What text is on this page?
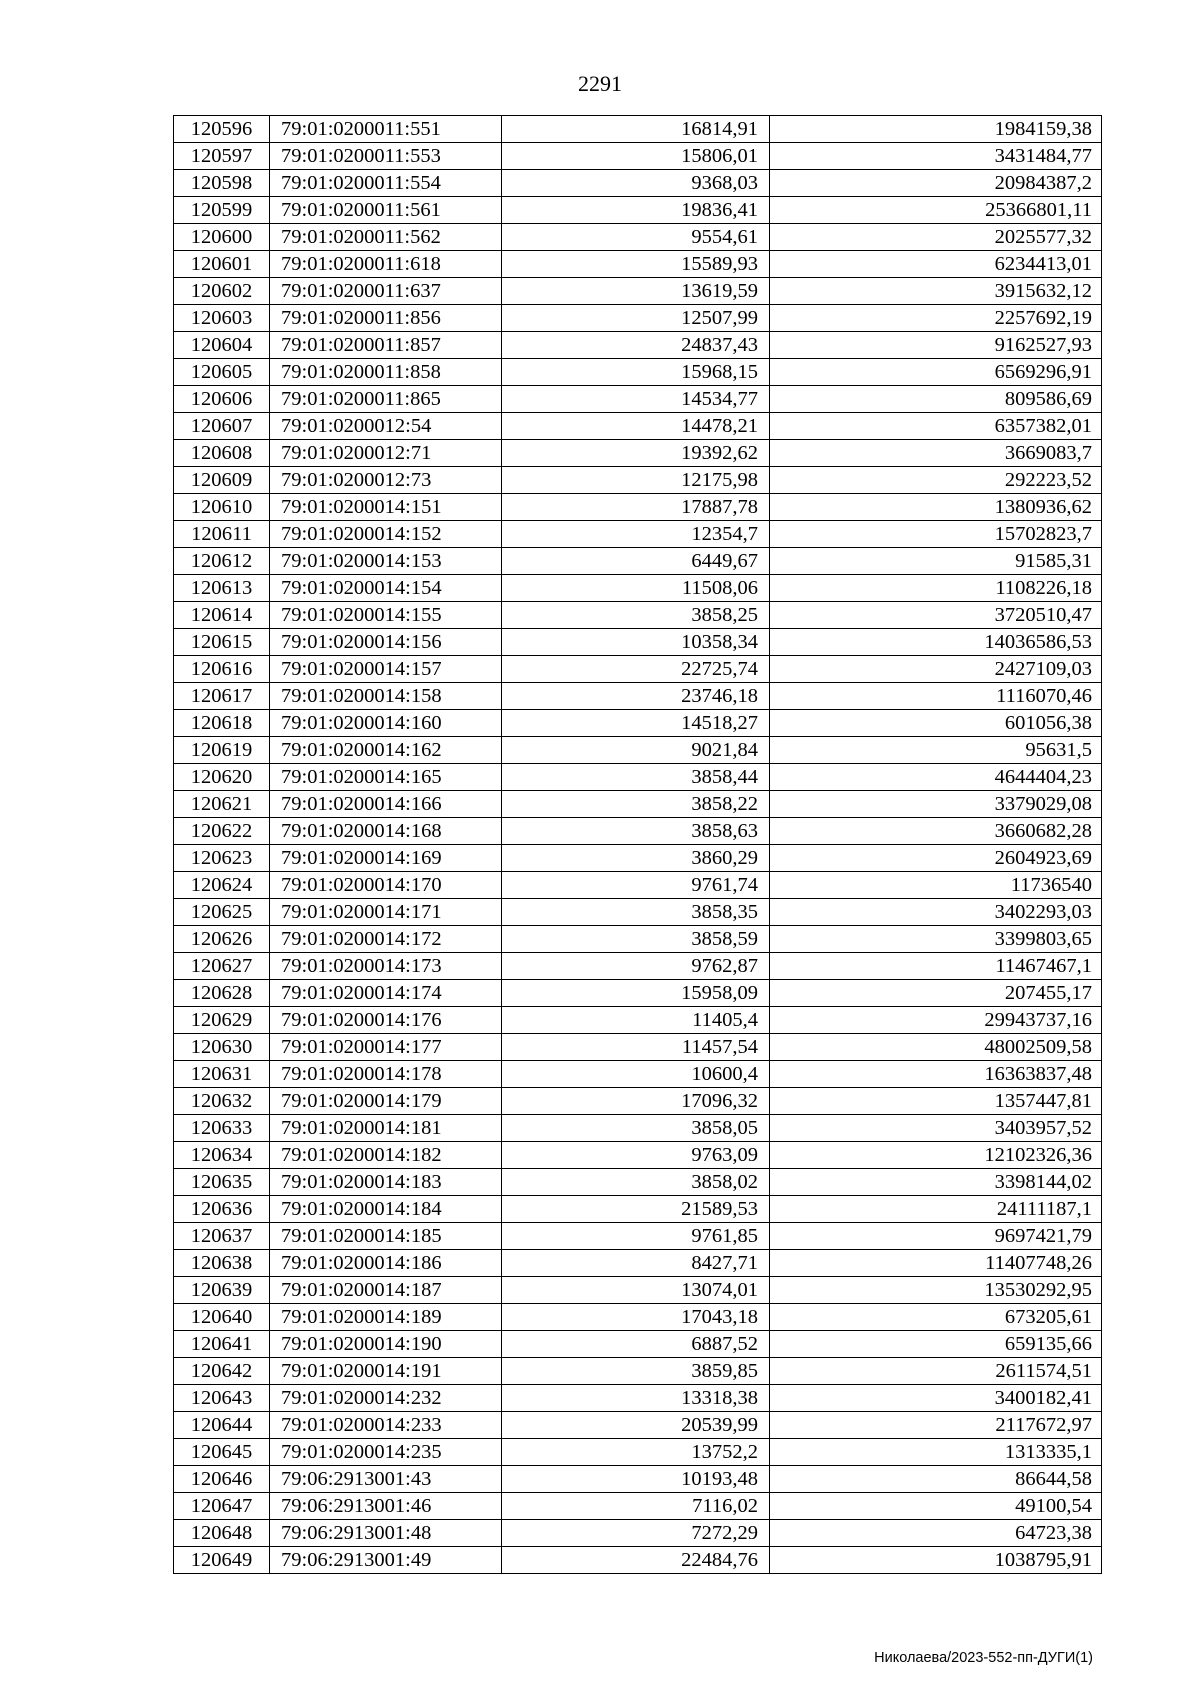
2291
120596	79:01:0200011:551	16814,91	1984159,38
120597	79:01:0200011:553	15806,01	3431484,77
120598	79:01:0200011:554	9368,03	20984387,2
120599	79:01:0200011:561	19836,41	25366801,11
120600	79:01:0200011:562	9554,61	2025577,32
120601	79:01:0200011:618	15589,93	6234413,01
120602	79:01:0200011:637	13619,59	3915632,12
120603	79:01:0200011:856	12507,99	2257692,19
120604	79:01:0200011:857	24837,43	9162527,93
120605	79:01:0200011:858	15968,15	6569296,91
120606	79:01:0200011:865	14534,77	809586,69
120607	79:01:0200012:54	14478,21	6357382,01
120608	79:01:0200012:71	19392,62	3669083,7
120609	79:01:0200012:73	12175,98	292223,52
120610	79:01:0200014:151	17887,78	1380936,62
120611	79:01:0200014:152	12354,7	15702823,7
120612	79:01:0200014:153	6449,67	91585,31
120613	79:01:0200014:154	11508,06	1108226,18
120614	79:01:0200014:155	3858,25	3720510,47
120615	79:01:0200014:156	10358,34	14036586,53
120616	79:01:0200014:157	22725,74	2427109,03
120617	79:01:0200014:158	23746,18	1116070,46
120618	79:01:0200014:160	14518,27	601056,38
120619	79:01:0200014:162	9021,84	95631,5
120620	79:01:0200014:165	3858,44	4644404,23
120621	79:01:0200014:166	3858,22	3379029,08
120622	79:01:0200014:168	3858,63	3660682,28
120623	79:01:0200014:169	3860,29	2604923,69
120624	79:01:0200014:170	9761,74	11736540
120625	79:01:0200014:171	3858,35	3402293,03
120626	79:01:0200014:172	3858,59	3399803,65
120627	79:01:0200014:173	9762,87	11467467,1
120628	79:01:0200014:174	15958,09	207455,17
120629	79:01:0200014:176	11405,4	29943737,16
120630	79:01:0200014:177	11457,54	48002509,58
120631	79:01:0200014:178	10600,4	16363837,48
120632	79:01:0200014:179	17096,32	1357447,81
120633	79:01:0200014:181	3858,05	3403957,52
120634	79:01:0200014:182	9763,09	12102326,36
120635	79:01:0200014:183	3858,02	3398144,02
120636	79:01:0200014:184	21589,53	24111187,1
120637	79:01:0200014:185	9761,85	9697421,79
120638	79:01:0200014:186	8427,71	11407748,26
120639	79:01:0200014:187	13074,01	13530292,95
120640	79:01:0200014:189	17043,18	673205,61
120641	79:01:0200014:190	6887,52	659135,66
120642	79:01:0200014:191	3859,85	2611574,51
120643	79:01:0200014:232	13318,38	3400182,41
120644	79:01:0200014:233	20539,99	2117672,97
120645	79:01:0200014:235	13752,2	1313335,1
120646	79:06:2913001:43	10193,48	86644,58
120647	79:06:2913001:46	7116,02	49100,54
120648	79:06:2913001:48	7272,29	64723,38
120649	79:06:2913001:49	22484,76	1038795,91
Николаева/2023-552-пп-ДУГИ(1)
